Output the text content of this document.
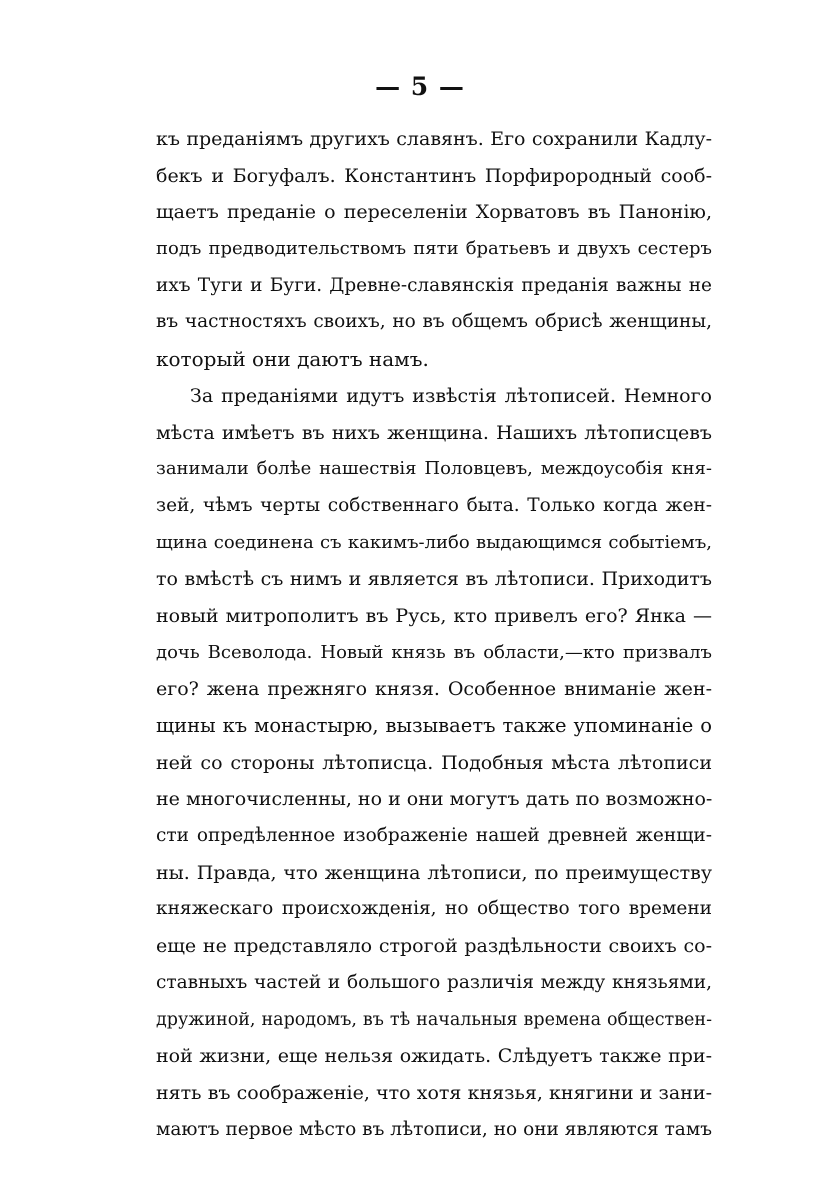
— 5 —
къ преданіямъ другихъ славянъ. Его сохранили Кадлу-
бекъ и Богуфалъ. Константинъ Порфирородный сооб-
щаетъ преданіе о переселеніи Хорватовъ въ Панонію,
подъ предводительствомъ пяти братьевъ и двухъ сестеръ
ихъ Туги и Буги. Древне-славянскія преданія важны не
въ частностяхъ своихъ, но въ общемъ обрисѣ женщины,
который они даютъ намъ.
За преданіями идутъ извѣстія лѣтописей. Немного
мѣста имѣетъ въ нихъ женщина. Нашихъ лѣтописцевъ
занимали болѣе нашествія Половцевъ, междоусобія кня-
зей, чѣмъ черты собственнаго быта. Только когда жен-
щина соединена съ какимъ-либо выдающимся событіемъ,
то вмѣстѣ съ нимъ и является въ лѣтописи. Приходитъ
новый митрополитъ въ Русь, кто привелъ его? Янка —
дочь Всеволода. Новый князь въ области,—кто призвалъ
его? жена прежняго князя. Особенное вниманіе жен-
щины къ монастырю, вызываетъ также упоминаніе о
ней со стороны лѣтописца. Подобныя мѣста лѣтописи
не многочисленны, но и они могутъ дать по возможно-
сти опредѣленное изображеніе нашей древней женщи-
ны. Правда, что женщина лѣтописи, по преимуществу
княжескаго происхожденія, но общество того времени
еще не представляло строгой раздѣльности своихъ со-
ставныхъ частей и большого различія между князьями,
дружиной, народомъ, въ тѣ начальныя времена обществен-
ной жизни, еще нельзя ожидать. Слѣдуетъ также при-
нять въ соображеніе, что хотя князья, княгини и зани-
маютъ первое мѣсто въ лѣтописи, но они являются тамъ
